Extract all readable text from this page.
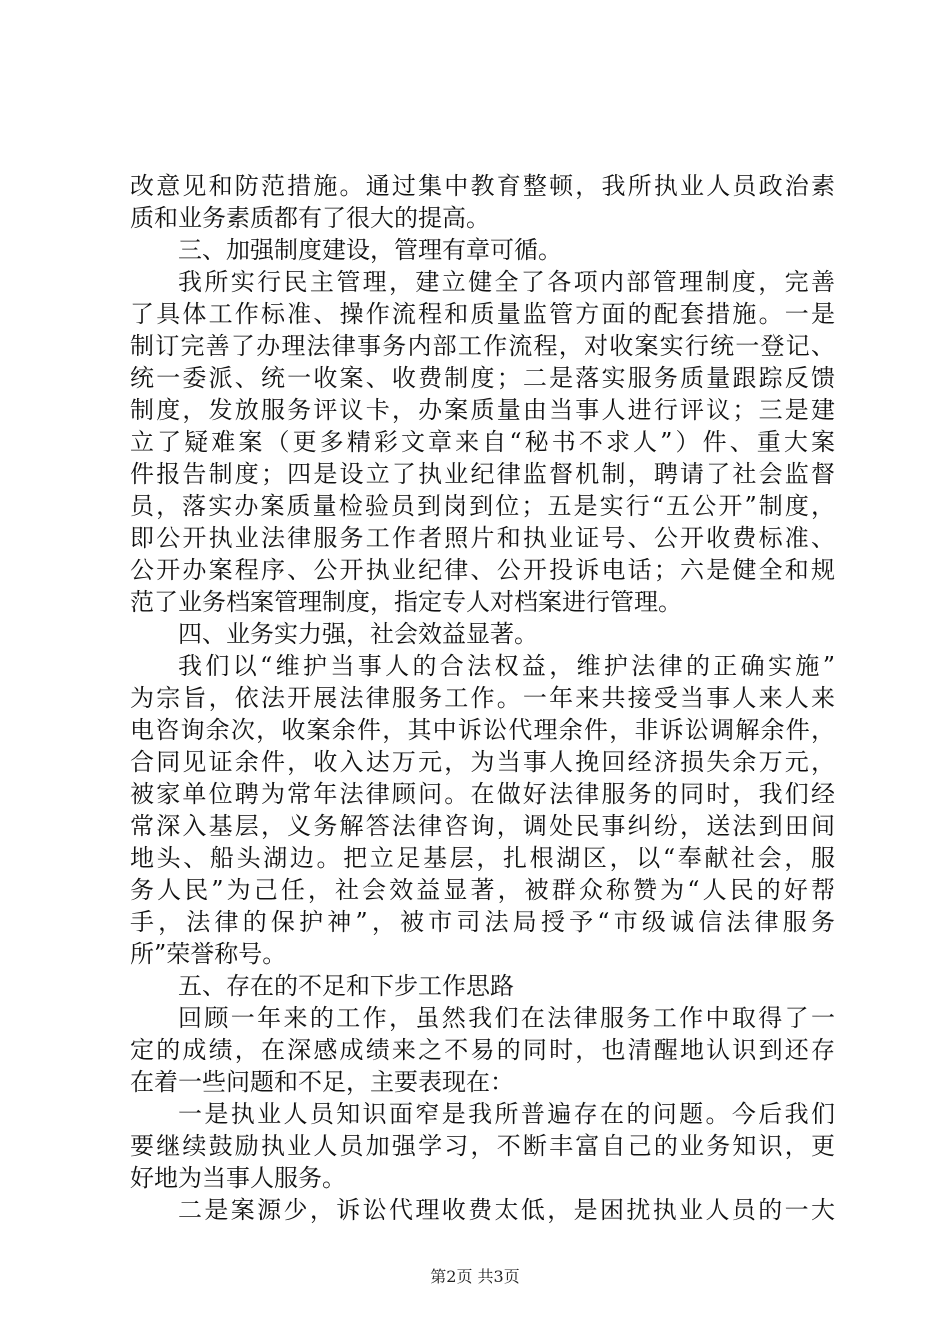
改意见和防范措施。通过集中教育整顿，我所执业人员政治素
质和业务素质都有了很大的提高。
三、加强制度建设，管理有章可循。
我所实行民主管理，建立健全了各项内部管理制度，完善
了具体工作标准、操作流程和质量监管方面的配套措施。一是
制订完善了办理法律事务内部工作流程，对收案实行统一登记、
统一委派、统一收案、收费制度；二是落实服务质量跟踪反馈
制度，发放服务评议卡，办案质量由当事人进行评议；三是建
立了疑难案（更多精彩文章来自“秘书不求人”）件、重大案
件报告制度；四是设立了执业纪律监督机制，聘请了社会监督
员，落实办案质量检验员到岗到位；五是实行“五公开”制度，
即公开执业法律服务工作者照片和执业证号、公开收费标准、
公开办案程序、公开执业纪律、公开投诉电话；六是健全和规
范了业务档案管理制度，指定专人对档案进行管理。
四、业务实力强，社会效益显著。
我们以“维护当事人的合法权益，维护法律的正确实施”
为宗旨，依法开展法律服务工作。一年来共接受当事人来人来
电咨询余次，收案余件，其中诉讼代理余件，非诉讼调解余件，
合同见证余件，收入达万元，为当事人挽回经济损失余万元，
被家单位聘为常年法律顾问。在做好法律服务的同时，我们经
常深入基层，义务解答法律咨询，调处民事纠纷，送法到田间
地头、船头湖边。把立足基层，扎根湖区，以“奉献社会，服
务人民”为己任，社会效益显著，被群众称赞为“人民的好帮
手，法律的保护神”，被市司法局授予“市级诚信法律服务
所”荣誉称号。
五、存在的不足和下步工作思路
回顾一年来的工作，虽然我们在法律服务工作中取得了一
定的成绩，在深感成绩来之不易的同时，也清醒地认识到还存
在着一些问题和不足，主要表现在：
一是执业人员知识面窄是我所普遍存在的问题。今后我们
要继续鼓励执业人员加强学习，不断丰富自己的业务知识，更
好地为当事人服务。
二是案源少，诉讼代理收费太低，是困扰执业人员的一大
第2页 共3页
